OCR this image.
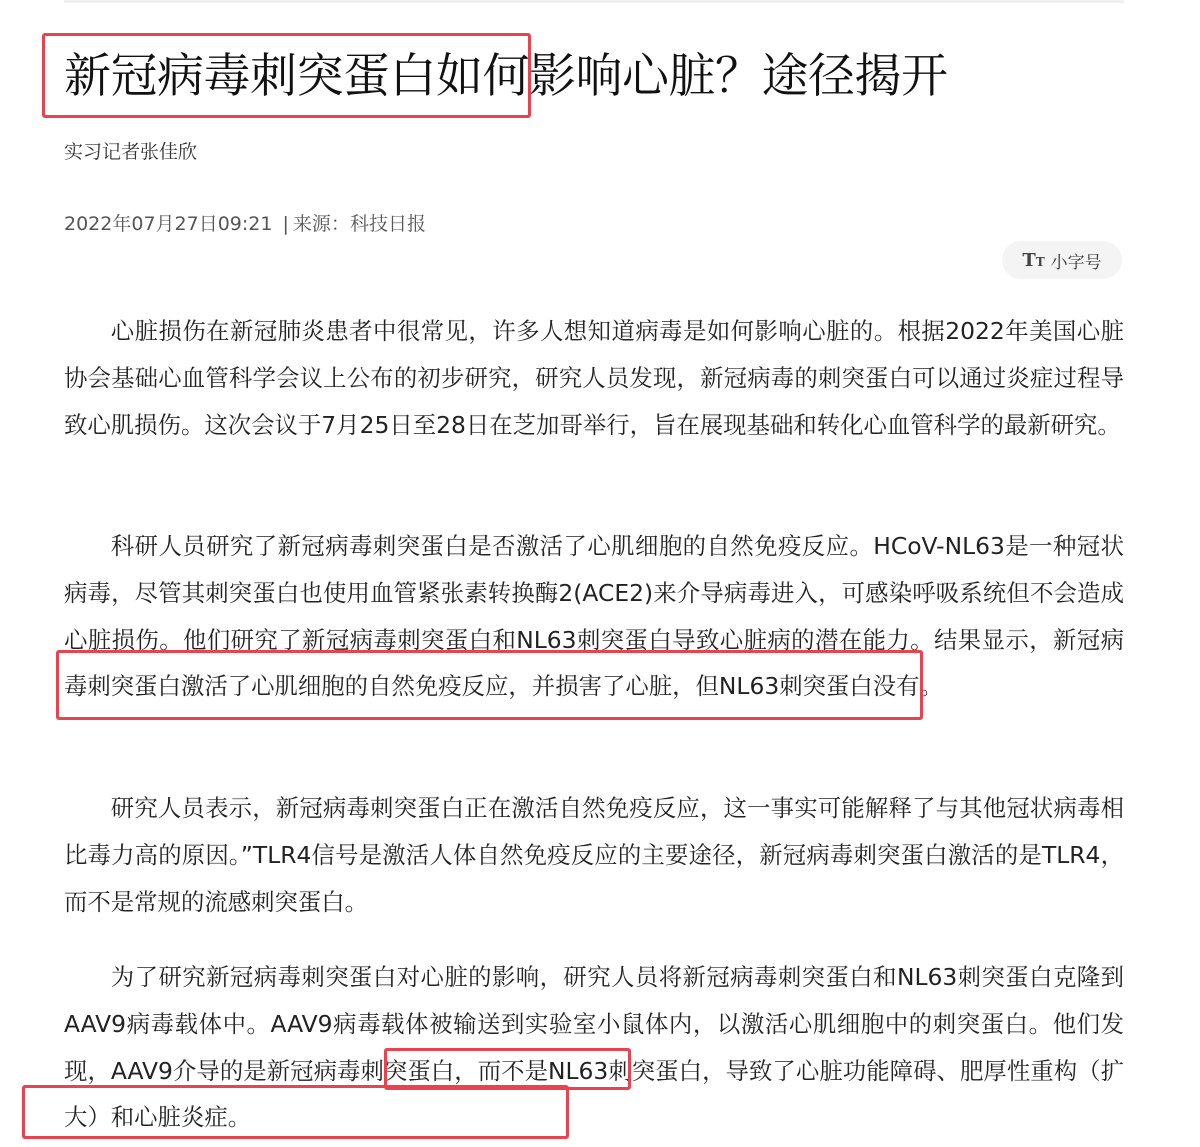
新冠病毒刺突蛋白如何影响心脏？途径揭开
实习记者张佳欣
2022年07月27日09:21 | 来源：科技日报
TT 小字号

心脏损伤在新冠肺炎患者中很常见，许多人想知道病毒是如何影响心脏的。根据2022年美国心脏协会基础心血管科学会议上公布的初步研究，研究人员发现，新冠病毒的刺突蛋白可以通过炎症过程导致心肌损伤。这次会议于7月25日至28日在芝加哥举行，旨在展现基础和转化心血管科学的最新研究。

科研人员研究了新冠病毒刺突蛋白是否激活了心肌细胞的自然免疫反应。HCoV-NL63是一种冠状病毒，尽管其刺突蛋白也使用血管紧张素转换酶2(ACE2)来介导病毒进入，可感染呼吸系统但不会造成心脏损伤。他们研究了新冠病毒刺突蛋白和NL63刺突蛋白导致心脏病的潜在能力。结果显示，新冠病毒刺突蛋白激活了心肌细胞的自然免疫反应，并损害了心脏，但NL63刺突蛋白没有。

研究人员表示，新冠病毒刺突蛋白正在激活自然免疫反应，这一事实可能解释了与其他冠状病毒相比毒力高的原因。”TLR4信号是激活人体自然免疫反应的主要途径，新冠病毒刺突蛋白激活的是TLR4，而不是常规的流感刺突蛋白。

为了研究新冠病毒刺突蛋白对心脏的影响，研究人员将新冠病毒刺突蛋白和NL63刺突蛋白克隆到AAV9病毒载体中。AAV9病毒载体被输送到实验室小鼠体内，以激活心肌细胞中的刺突蛋白。他们发现，AAV9介导的是新冠病毒刺突蛋白，而不是NL63刺突蛋白，导致了心脏功能障碍、肥厚性重构（扩大）和心脏炎症。
